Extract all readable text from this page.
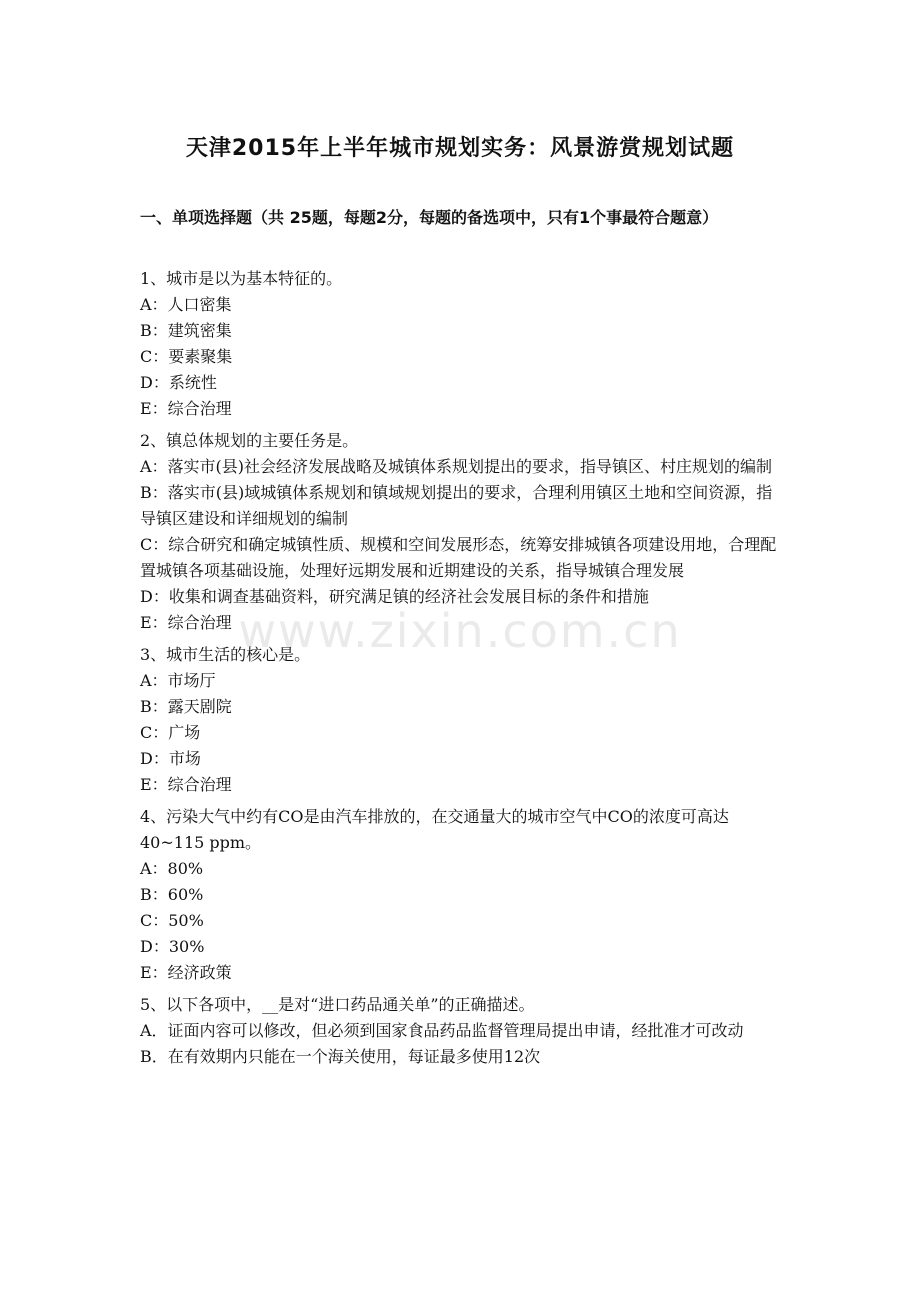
www.zixin.com.cn
天津2015年上半年城市规划实务：风景游赏规划试题
一、单项选择题（共 25题，每题2分，每题的备选项中，只有1个事最符合题意）
1、城市是以为基本特征的。
A：人口密集
B：建筑密集
C：要素聚集
D：系统性
E：综合治理
2、镇总体规划的主要任务是。
A：落实市(县)社会经济发展战略及城镇体系规划提出的要求，指导镇区、村庄规划的编制
B：落实市(县)域城镇体系规划和镇域规划提出的要求，合理利用镇区土地和空间资源，指导镇区建设和详细规划的编制
C：综合研究和确定城镇性质、规模和空间发展形态，统筹安排城镇各项建设用地，合理配置城镇各项基础设施，处理好远期发展和近期建设的关系，指导城镇合理发展
D：收集和调查基础资料，研究满足镇的经济社会发展目标的条件和措施
E：综合治理
3、城市生活的核心是。
A：市场厅
B：露天剧院
C：广场
D：市场
E：综合治理
4、污染大气中约有CO是由汽车排放的，在交通量大的城市空气中CO的浓度可高达40~115 ppm。
A：80%
B：60%
C：50%
D：30%
E：经济政策
5、以下各项中，__是对“进口药品通关单”的正确描述。
A．证面内容可以修改，但必须到国家食品药品监督管理局提出申请，经批准才可改动
B．在有效期内只能在一个海关使用，每证最多使用12次
